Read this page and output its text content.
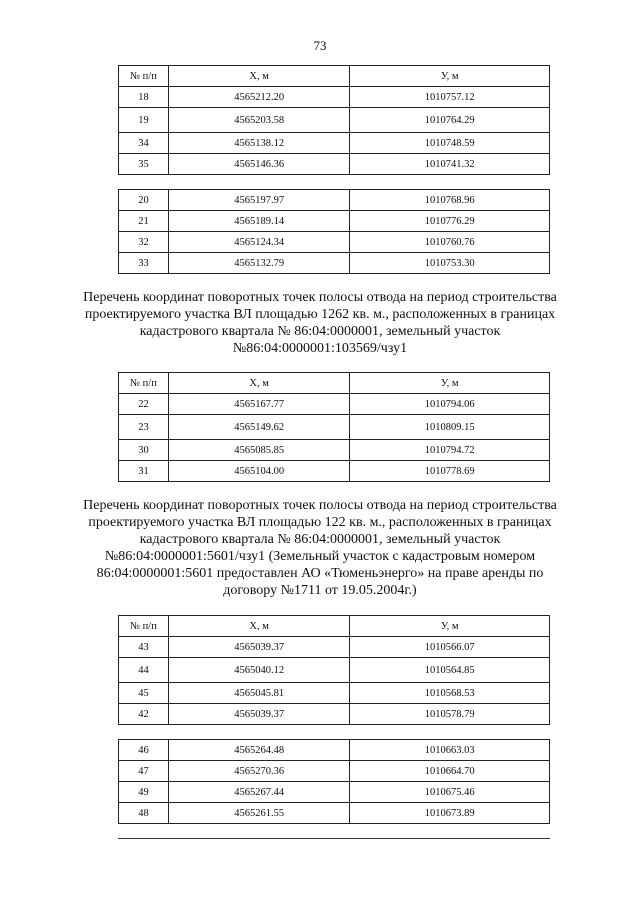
73
№ п/п	X, м	У, м
18	4565212.20	1010757.12
19	4565203.58	1010764.29
34	4565138.12	1010748.59
35	4565146.36	1010741.32
20	4565197.97	1010768.96
21	4565189.14	1010776.29
32	4565124.34	1010760.76
33	4565132.79	1010753.30
Перечень координат поворотных точек полосы отвода на период строительства
проектируемого участка ВЛ площадью 1262 кв. м., расположенных в границах
кадастрового квартала № 86:04:0000001, земельный участок
№86:04:0000001:103569/чзу1
№ п/п	X, м	У, м
22	4565167.77	1010794.06
23	4565149.62	1010809.15
30	4565085.85	1010794.72
31	4565104.00	1010778.69
Перечень координат поворотных точек полосы отвода на период строительства
проектируемого участка ВЛ площадью 122 кв. м., расположенных в границах
кадастрового квартала № 86:04:0000001, земельный участок
№86:04:0000001:5601/чзу1 (Земельный участок с кадастровым номером
86:04:0000001:5601 предоставлен АО «Тюменьэнерго» на праве аренды по
договору №1711 от 19.05.2004г.)
№ п/п	X, м	У, м
43	4565039.37	1010566.07
44	4565040.12	1010564.85
45	4565045.81	1010568.53
42	4565039.37	1010578.79
46	4565264.48	1010663.03
47	4565270.36	1010664.70
49	4565267.44	1010675.46
48	4565261.55	1010673.89
